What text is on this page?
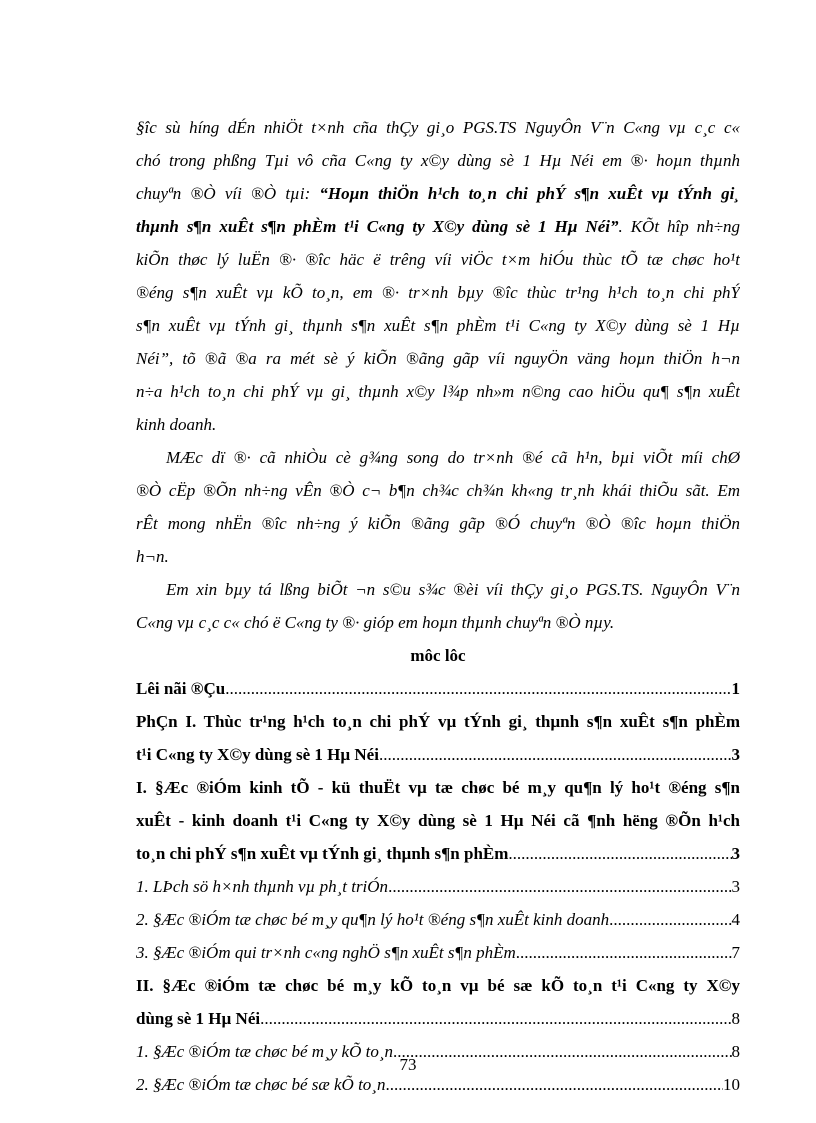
§îc sù híng dÉn nhiÖt t×nh cña thÇy gi¸o PGS.TS NguyÔn V¨n C«ng vµ c¸c c«
chó trong phßng Tµi vô cña C«ng ty x©y dùng sè 1 Hµ Néi em ®· hoµn thµnh
chuyªn ®Ò víi ®Ò tµi: “Hoµn thiÖn h¹ch to¸n chi phÝ s¶n xuÊt vµ tÝnh gi¸
thµnh s¶n xuÊt s¶n phÈm t¹i C«ng ty X©y dùng sè 1 Hµ Néi”. KÕt hîp nh÷ng
kiÕn thøc lý luËn ®· ®îc häc ë trêng víi viÖc t×m hiÓu thùc tÕ tæ chøc ho¹t
®éng s¶n xuÊt vµ kÕ to¸n, em ®· tr×nh bµy ®îc thùc tr¹ng h¹ch to¸n chi phÝ
s¶n xuÊt vµ tÝnh gi¸ thµnh s¶n xuÊt s¶n phÈm t¹i C«ng ty X©y dùng sè 1 Hµ
Néi”, tõ ®ã ®a ra mét sè ý kiÕn ®ãng gãp víi nguyÖn väng hoµn thiÖn h¬n
n÷a h¹ch to¸n chi phÝ vµ gi¸ thµnh x©y l¾p nh»m n©ng cao hiÖu qu¶ s¶n xuÊt
kinh doanh.
MÆc dï ®· cã nhiÒu cè g¾ng song do tr×nh ®é cã h¹n, bµi viÕt míi chØ
®Ò cËp ®Õn nh÷ng vÊn ®Ò c¬ b¶n ch¾c ch¾n kh«ng tr¸nh khái thiÕu sãt. Em
rÊt mong nhËn ®îc nh÷ng ý kiÕn ®ãng gãp ®Ó chuyªn ®Ò ®îc hoµn thiÖn
h¬n.
Em xin bµy tá lßng biÕt ¬n s©u s¾c ®èi víi thÇy gi¸o PGS.TS. NguyÔn V¨n
C«ng vµ c¸c c« chó ë C«ng ty ®· gióp em hoµn thµnh chuyªn ®Ò nµy.
môc lôc
Lêi nãi ®Çu .....	1
PhÇn I. Thùc tr¹ng h¹ch to¸n chi phÝ vµ tÝnh gi¸ thµnh s¶n xuÊt s¶n phÈm
t¹i C«ng ty X©y dùng sè 1 Hµ Néi .....	3
I. §Æc ®iÓm kinh tÕ - kü thuËt vµ tæ chøc bé m¸y qu¶n lý ho¹t ®éng s¶n
xuÊt - kinh doanh t¹i C«ng ty X©y dùng sè 1 Hµ Néi cã ¶nh hëng ®Õn h¹ch
to¸n chi phÝ s¶n xuÊt vµ tÝnh gi¸ thµnh s¶n phÈm .....	3
1. LÞch sö h×nh thµnh vµ ph¸t triÓn .....	3
2. §Æc ®iÓm tæ chøc bé m¸y qu¶n lý ho¹t ®éng s¶n xuÊt kinh doanh .....	4
3. §Æc ®iÓm qui tr×nh c«ng nghÖ s¶n xuÊt s¶n phÈm .....	7
II. §Æc ®iÓm tæ chøc bé m¸y kÕ to¸n vµ bé sæ kÕ to¸n t¹i C«ng ty X©y
dùng sè 1 Hµ Néi .....	8
1. §Æc ®iÓm tæ chøc bé m¸y kÕ to¸n .....	8
2. §Æc ®iÓm tæ chøc bé sæ kÕ to¸n .....	10
73
